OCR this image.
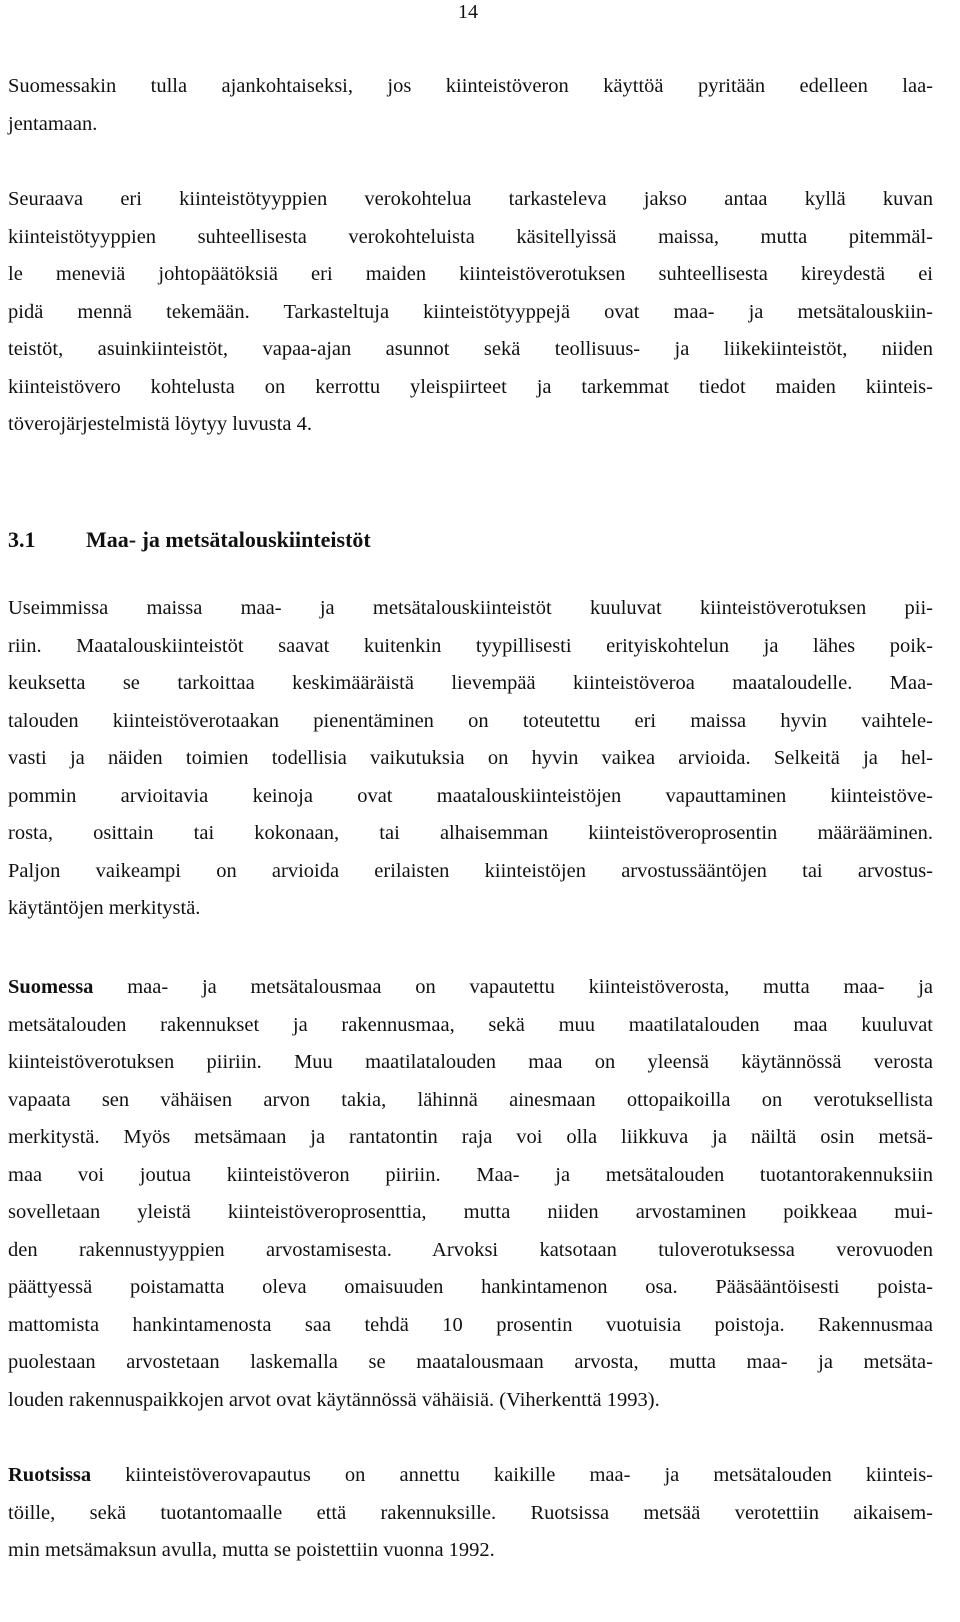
14

Suomessakin tulla ajankohtaiseksi, jos kiinteistöveron käyttöä pyritään edelleen laa-
jentamaan.

Seuraava eri kiinteistötyyppien verokohtelua tarkasteleva jakso antaa kyllä kuvan
kiinteistötyyppien suhteellisesta verokohteluista käsitellyissä maissa, mutta pitemmäl-
le meneviä johtopäätöksiä eri maiden kiinteistöverotuksen suhteellisesta kireydestä ei
pidä mennä tekemään. Tarkasteltuja kiinteistötyyppejä ovat maa- ja metsätalouskiin-
teistöt, asuinkiinteistöt, vapaa-ajan asunnot sekä teollisuus- ja liikekiinteistöt, niiden
kiinteistövero kohtelusta on kerrottu yleispiirteet ja tarkemmat tiedot maiden kiinteis-
töverojärjestelmistä löytyy luvusta 4.

3.1 Maa- ja metsätalouskiinteistöt

Useimmissa maissa maa- ja metsätalouskiinteistöt kuuluvat kiinteistöverotuksen pii-
riin. Maatalouskiinteistöt saavat kuitenkin tyypillisesti erityiskohtelun ja lähes poik-
keuksetta se tarkoittaa keskimääräistä lievempää kiinteistöveroa maataloudelle. Maa-
talouden kiinteistöverotaakan pienentäminen on toteutettu eri maissa hyvin vaihtele-
vasti ja näiden toimien todellisia vaikutuksia on hyvin vaikea arvioida. Selkeitä ja hel-
pommin arvioitavia keinoja ovat maatalouskiinteistöjen vapauttaminen kiinteistöve-
rosta, osittain tai kokonaan, tai alhaisemman kiinteistöveroprosentin määrääminen.
Paljon vaikeampi on arvioida erilaisten kiinteistöjen arvostussääntöjen tai arvostus-
käytäntöjen merkitystä.

Suomessa maa- ja metsätalousmaa on vapautettu kiinteistöverosta, mutta maa- ja
metsätalouden rakennukset ja rakennusmaa, sekä muu maatilatalouden maa kuuluvat
kiinteistöverotuksen piiriin. Muu maatilatalouden maa on yleensä käytännössä verosta
vapaata sen vähäisen arvon takia, lähinnä ainesmaan ottopaikoilla on verotuksellista
merkitystä. Myös metsämaan ja rantatontin raja voi olla liikkuva ja näiltä osin metsä-
maa voi joutua kiinteistöveron piiriin. Maa- ja metsätalouden tuotantorakennuksiin
sovelletaan yleistä kiinteistöveroprosenttia, mutta niiden arvostaminen poikkeaa mui-
den rakennustyyppien arvostamisesta. Arvoksi katsotaan tuloverotuksessa verovuoden
päättyessä poistamatta oleva omaisuuden hankintamenon osa. Pääsääntöisesti poista-
mattomista hankintamenosta saa tehdä 10 prosentin vuotuisia poistoja. Rakennusmaa
puolestaan arvostetaan laskemalla se maatalousmaan arvosta, mutta maa- ja metsäta-
louden rakennuspaikkojen arvot ovat käytännössä vähäisiä. (Viherkenttä 1993).

Ruotsissa kiinteistöverovapautus on annettu kaikille maa- ja metsätalouden kiinteis-
töille, sekä tuotantomaalle että rakennuksille. Ruotsissa metsää verotettiin aikaisem-
min metsämaksun avulla, mutta se poistettiin vuonna 1992.
